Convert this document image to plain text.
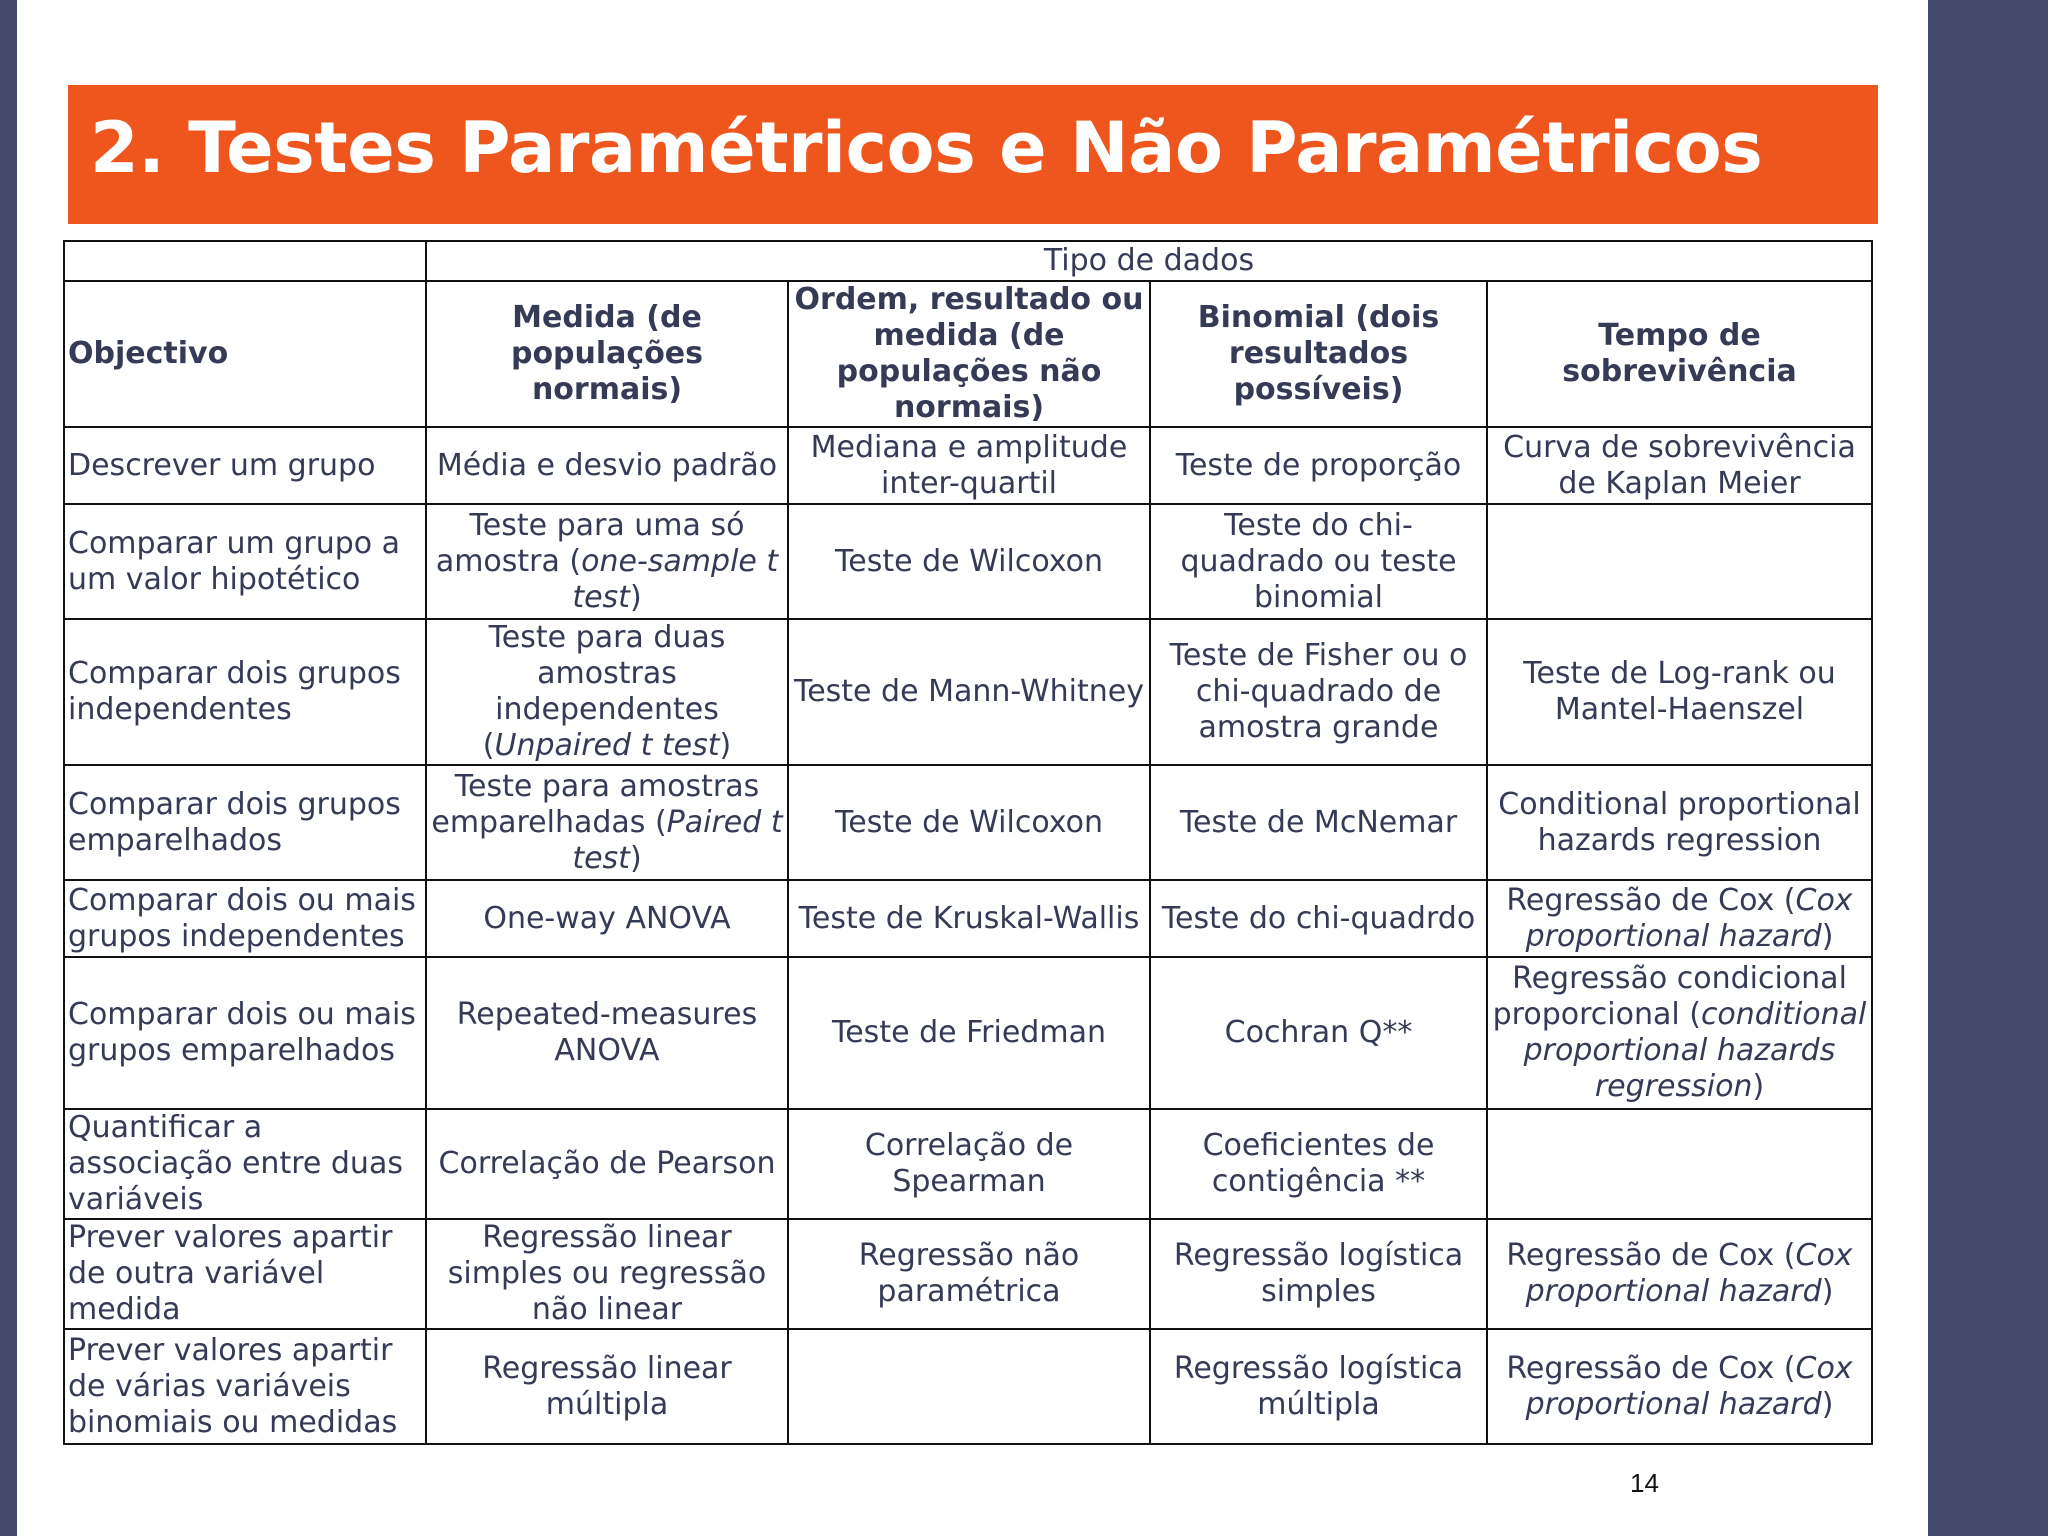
2. Testes Paramétricos e Não Paramétricos
	Tipo de dados			
Objectivo	Medida (de populações normais)	Ordem, resultado ou medida (de populações não normais)	Binomial (dois resultados possíveis)	Tempo de sobrevivência
Descrever um grupo	Média e desvio padrão	Mediana e amplitude inter-quartil	Teste de proporção	Curva de sobrevivência de Kaplan Meier
Comparar um grupo a um valor hipotético	Teste para uma só amostra (one-sample t test)	Teste de Wilcoxon	Teste do chi-quadrado ou teste binomial	
Comparar dois grupos independentes	Teste para duas amostras independentes (Unpaired t test)	Teste de Mann-Whitney	Teste de Fisher ou o chi-quadrado de amostra grande	Teste de Log-rank ou Mantel-Haenszel
Comparar dois grupos emparelhados	Teste para amostras emparelhadas (Paired t test)	Teste de Wilcoxon	Teste de McNemar	Conditional proportional hazards regression
Comparar dois ou mais grupos independentes	One-way ANOVA	Teste de Kruskal-Wallis	Teste do chi-quadrdo	Regressão de Cox (Cox proportional hazard)
Comparar dois ou mais grupos emparelhados	Repeated-measures ANOVA	Teste de Friedman	Cochran Q**	Regressão condicional proporcional (conditional proportional hazards regression)
Quantificar a associação entre duas variáveis	Correlação de Pearson	Correlação de Spearman	Coeficientes de contigência **	
Prever valores apartir de outra variável medida	Regressão linear simples ou regressão não linear	Regressão não paramétrica	Regressão logística simples	Regressão de Cox (Cox proportional hazard)
Prever valores apartir de várias variáveis binomiais ou medidas	Regressão linear múltipla		Regressão logística múltipla	Regressão de Cox (Cox proportional hazard)
14
